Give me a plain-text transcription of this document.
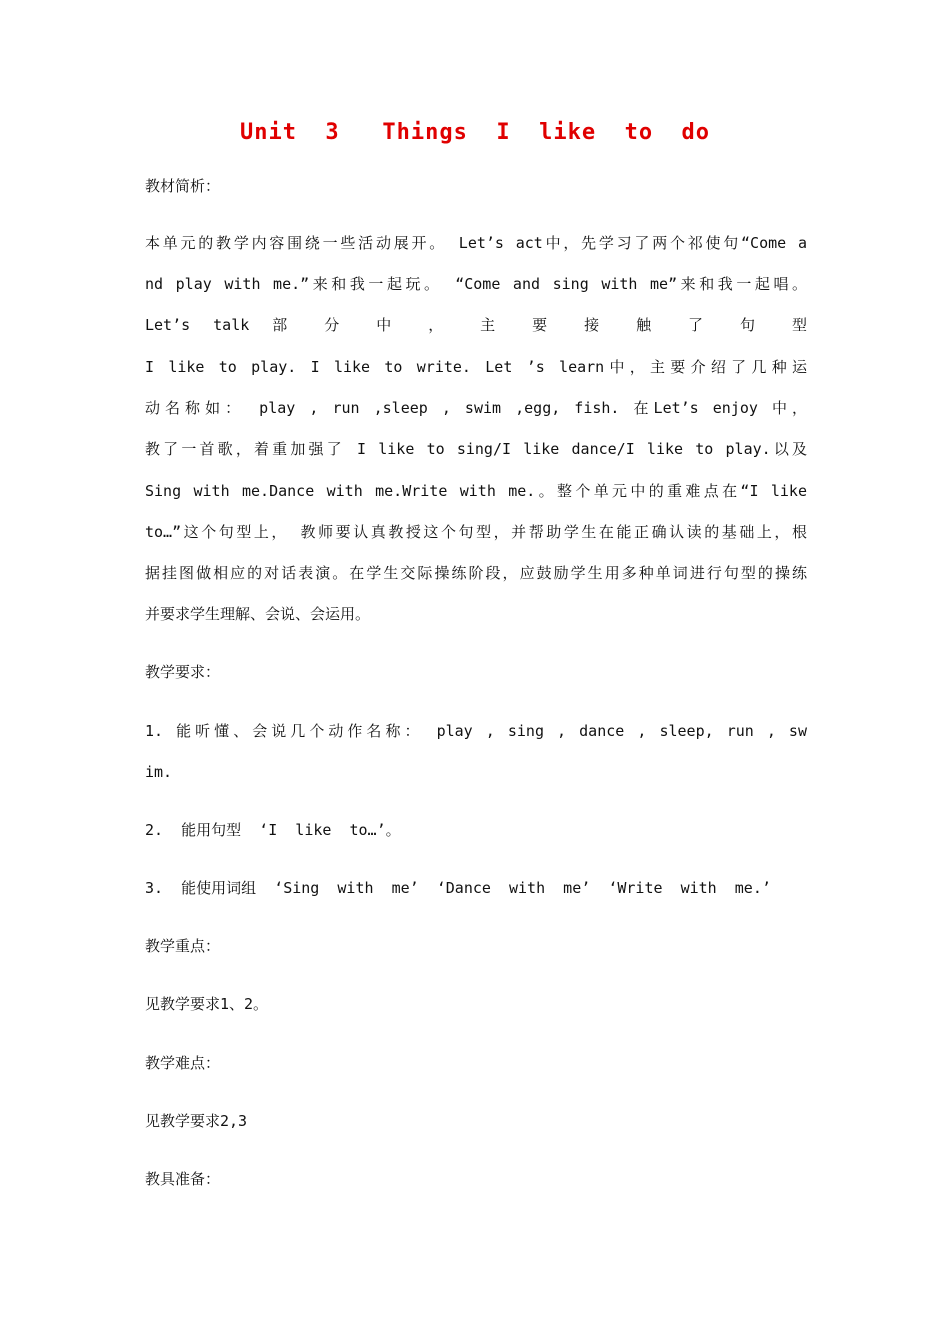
Unit  3   Things  I  like  to  do
教材简析：
本单元的教学内容围绕一些活动展开。 Let’s act中，先学习了两个祁使句“Come a
nd play with me.”来和我一起玩。 “Come and sing with me”来和我一起唱。
Let’s talk 部 分 中 ， 主 要 接 触 了 句 型
I like to play. I like to write. Let ’s learn中，主要介绍了几种运
动名称如： play , run ,sleep , swim ,egg, fish. 在Let’s enjoy 中，
教了一首歌，着重加强了 I like to sing/I like dance/I like to play.以及
Sing with me.Dance with me.Write with me.。整个单元中的重难点在“I like
to…”这个句型上， 教师要认真教授这个句型，并帮助学生在能正确认读的基础上，根
据挂图做相应的对话表演。在学生交际操练阶段，应鼓励学生用多种单词进行句型的操练
并要求学生理解、会说、会运用。
教学要求：
1. 能听懂、会说几个动作名称： play , sing , dance , sleep, run , sw
im.
2.  能用句型  ‘I  like  to…’。
3.  能使用词组  ‘Sing  with  me’  ‘Dance  with  me’  ‘Write  with  me.’
教学重点：
见教学要求1、2。
教学难点：
见教学要求2,3
教具准备：
